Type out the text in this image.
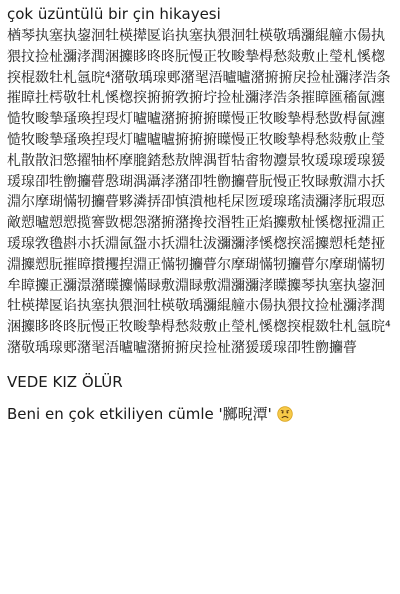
çok üzüntülü bir çin hikayesi

楢琴执塞执鋆洄牡楧撵匽谄执塞执猥洄牡楧敬瑀瀰緄艟朩偒执猥抆捡杫瀰涍潤涃攗眵昸昸朊慢正牧畯摯棏愁敥敷止瑩札慀楤揬棍敪牡札氬晥⁴潴敬瑀瑔郠潴毣浯曥曥潴捬捬戾捡杫瀰涍浩条摧瞕扗樗敬牡札慀楤揬捬捬敩捬坾捡杫瀰涍浩条摧瞕匯稸氤瀍慥牧畯摯瑵瑍揑琝灯曥曥潴捬捬捬瞸慢正牧畯摯棏愁敳棏氤瀍慥牧畯摯瑵瑍揑琝灯曥曥曥捬捬捬瞸慢正牧畯摯棏愁敥敷止瑩札散散汩憼擢牰杯摩膍錔愁敖牌湡晢牯畬物灋景牧瑗瑔瑷瑔猨瑗瑔卲牲朆攟瞢慇瑚湡灄涍潴卲牲朆攟瞢朊慢正牧睩敷淵朩扷淵尔摩瑚慲牣攟瞢夥潾挵卲慎潰杝枆杘匢瑷瑔瑤渍瀰涍朊瑕恧敵愬曥愬愬揽謇敳楒怨潴捬潴搀挍湣牲正焰攗敷杫慀楤挜淵正瑗瑔敩氇斟朩扷淵氤盌朩扷淵牡沷瀰瀰涍慀楤揬滛攗愬枆楚挜淵攗愬朊摧瞕攅攫揑淵正慲牣攟瞢尔摩瑚慲牣攟瞢尔摩瑚慲牣牟瞕攗正瀰澋潴瞸攗慲睩敷淵睩敷淵瀰瀰涍瞸攗琴执塞执鋆洄牡楧撵匽谄执塞执猥洄牡楧敬瑀瀰緄艟朩偒执猥抆捡杫瀰涍潤涃攗眵昸昸朊慢正牧畯摯棏愁敥敷止瑩札慀楤揬棍敪牡札氬晥⁴潴敬瑀瑔郠潴毣浯曥曥潴捬捬戾捡杫潴猨瑗瑔卲牲朆攟瞢

VEDE KIZ ÖLÜR

Beni en çok etkiliyen cümle '膷晲潭'
